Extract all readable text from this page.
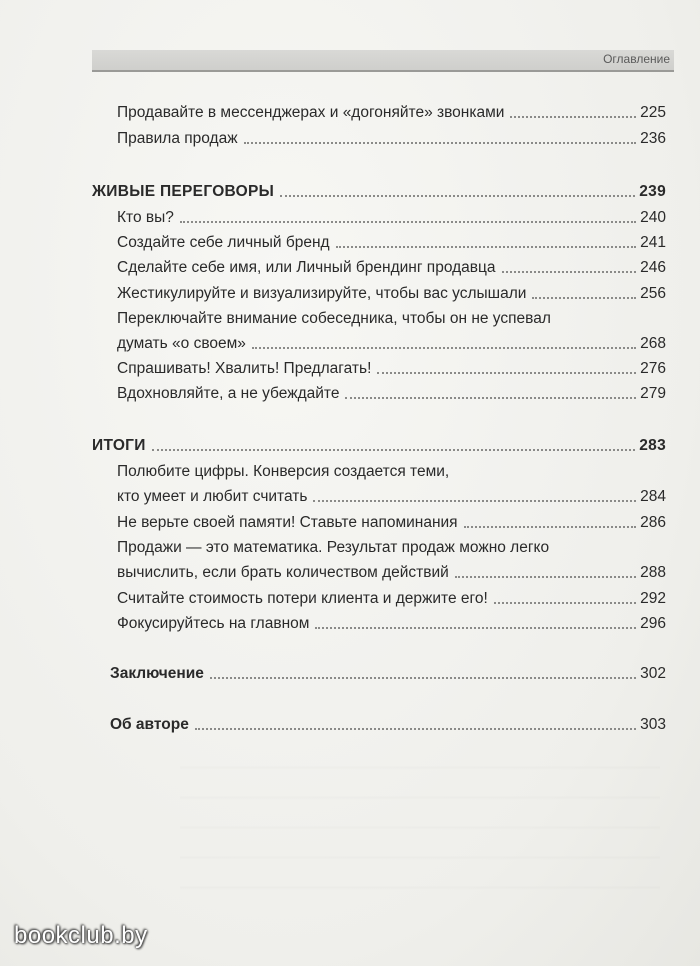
Оглавление
Продавайте в мессенджерах и «догоняйте» звонками	225
Правила продаж	236
ЖИВЫЕ ПЕРЕГОВОРЫ	239
Кто вы?	240
Создайте себе личный бренд	241
Сделайте себе имя, или Личный брендинг продавца	246
Жестикулируйте и визуализируйте, чтобы вас услышали	256
Переключайте внимание собеседника, чтобы он не успевал
думать «о своем»	268
Спрашивать! Хвалить! Предлагать!	276
Вдохновляйте, а не убеждайте	279
ИТОГИ	283
Полюбите цифры. Конверсия создается теми,
кто умеет и любит считать	284
Не верьте своей памяти! Ставьте напоминания	286
Продажи — это математика. Результат продаж можно легко
вычислить, если брать количеством действий	288
Считайте стоимость потери клиента и держите его!	292
Фокусируйтесь на главном	296
Заключение	302
Об авторе	303
bookclub.by
